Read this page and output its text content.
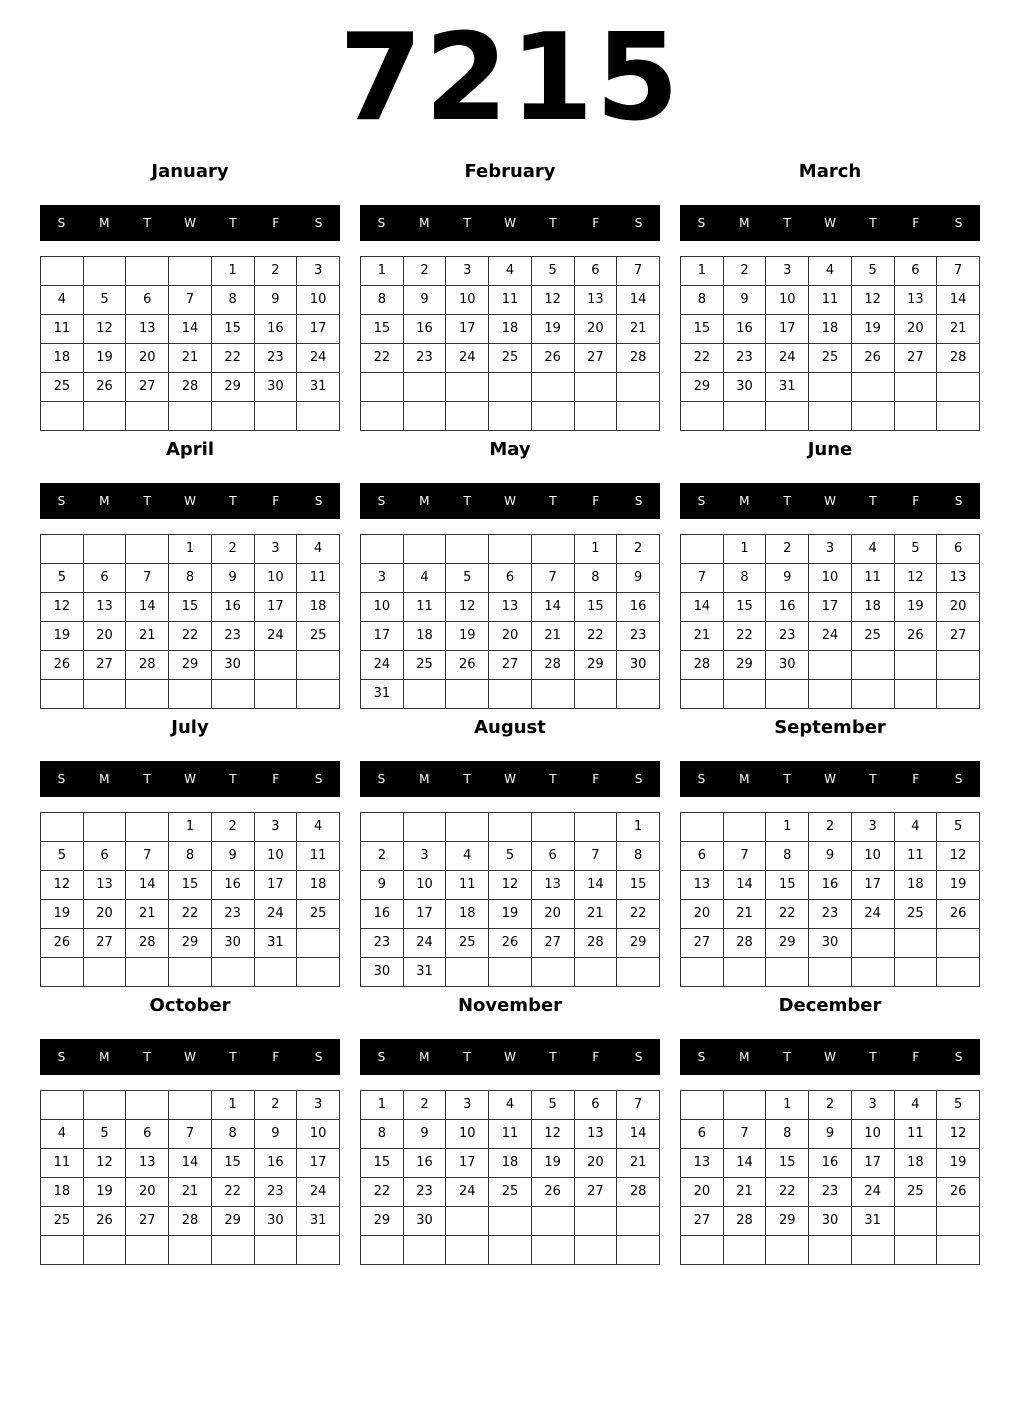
7215
January
S	M	T	W	T	F	S
				1	2	3
4	5	6	7	8	9	10
11	12	13	14	15	16	17
18	19	20	21	22	23	24
25	26	27	28	29	30	31

February
S	M	T	W	T	F	S
1	2	3	4	5	6	7
8	9	10	11	12	13	14
15	16	17	18	19	20	21
22	23	24	25	26	27	28

March
S	M	T	W	T	F	S
1	2	3	4	5	6	7
8	9	10	11	12	13	14
15	16	17	18	19	20	21
22	23	24	25	26	27	28
29	30	31				

April
S	M	T	W	T	F	S
			1	2	3	4
5	6	7	8	9	10	11
12	13	14	15	16	17	18
19	20	21	22	23	24	25
26	27	28	29	30		

May
S	M	T	W	T	F	S
					1	2
3	4	5	6	7	8	9
10	11	12	13	14	15	16
17	18	19	20	21	22	23
24	25	26	27	28	29	30
31						
June
S	M	T	W	T	F	S
	1	2	3	4	5	6
7	8	9	10	11	12	13
14	15	16	17	18	19	20
21	22	23	24	25	26	27
28	29	30				

July
S	M	T	W	T	F	S
			1	2	3	4
5	6	7	8	9	10	11
12	13	14	15	16	17	18
19	20	21	22	23	24	25
26	27	28	29	30	31	

August
S	M	T	W	T	F	S
						1
2	3	4	5	6	7	8
9	10	11	12	13	14	15
16	17	18	19	20	21	22
23	24	25	26	27	28	29
30	31					
September
S	M	T	W	T	F	S
		1	2	3	4	5
6	7	8	9	10	11	12
13	14	15	16	17	18	19
20	21	22	23	24	25	26
27	28	29	30			

October
S	M	T	W	T	F	S
				1	2	3
4	5	6	7	8	9	10
11	12	13	14	15	16	17
18	19	20	21	22	23	24
25	26	27	28	29	30	31

November
S	M	T	W	T	F	S
1	2	3	4	5	6	7
8	9	10	11	12	13	14
15	16	17	18	19	20	21
22	23	24	25	26	27	28
29	30					

December
S	M	T	W	T	F	S
		1	2	3	4	5
6	7	8	9	10	11	12
13	14	15	16	17	18	19
20	21	22	23	24	25	26
27	28	29	30	31		
